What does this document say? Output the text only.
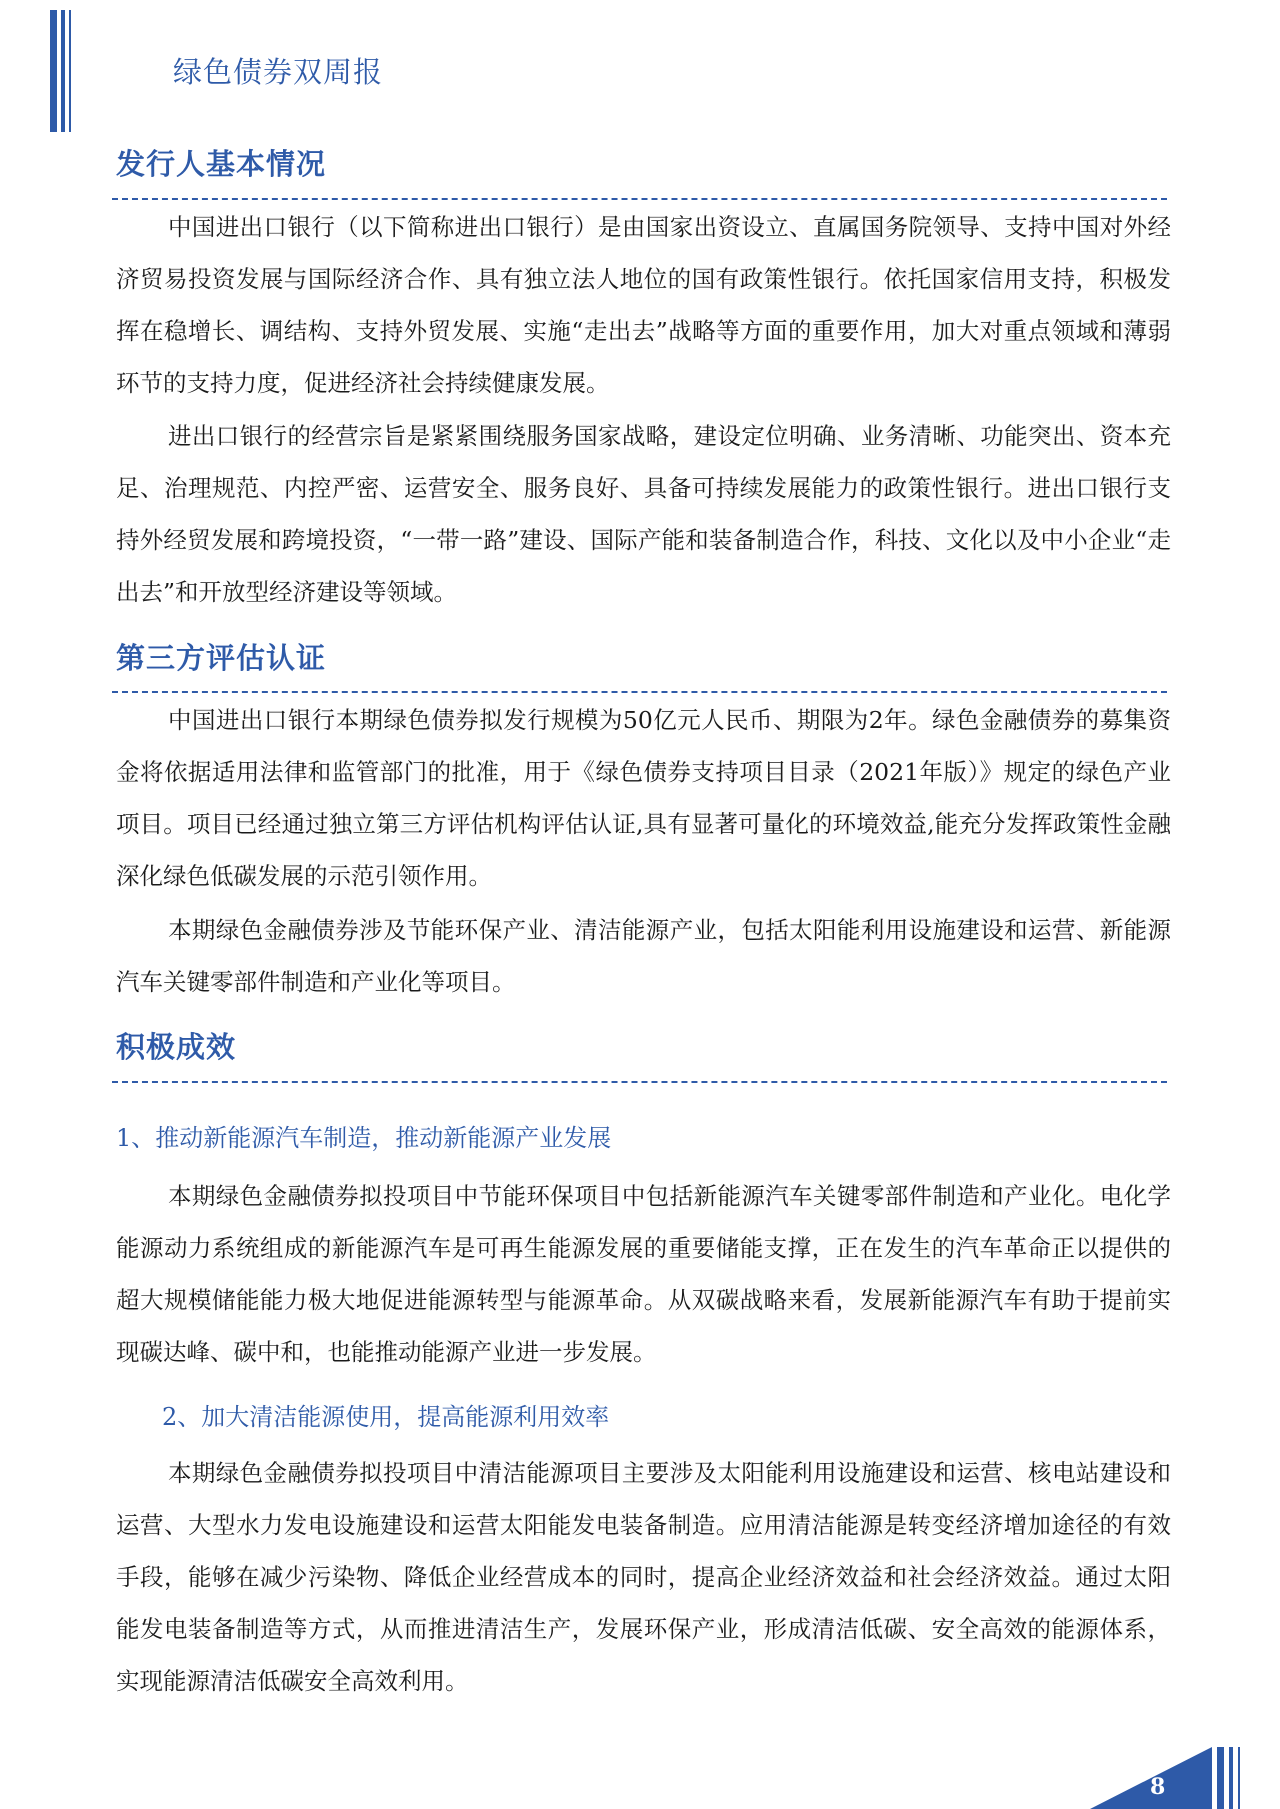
绿色债券双周报
发行人基本情况

中国进出口银行（以下简称进出口银行）是由国家出资设立、直属国务院领导、支持中国对外经济贸易投资发展与国际经济合作、具有独立法人地位的国有政策性银行。依托国家信用支持，积极发挥在稳增长、调结构、支持外贸发展、实施“走出去”战略等方面的重要作用，加大对重点领域和薄弱环节的支持力度，促进经济社会持续健康发展。

进出口银行的经营宗旨是紧紧围绕服务国家战略，建设定位明确、业务清晰、功能突出、资本充足、治理规范、内控严密、运营安全、服务良好、具备可持续发展能力的政策性银行。进出口银行支持外经贸发展和跨境投资，“一带一路”建设、国际产能和装备制造合作，科技、文化以及中小企业“走出去”和开放型经济建设等领域。

第三方评估认证

中国进出口银行本期绿色债券拟发行规模为50亿元人民币、期限为2年。绿色金融债券的募集资金将依据适用法律和监管部门的批准，用于《绿色债券支持项目目录（2021年版）》规定的绿色产业项目。项目已经通过独立第三方评估机构评估认证,具有显著可量化的环境效益,能充分发挥政策性金融深化绿色低碳发展的示范引领作用。

本期绿色金融债券涉及节能环保产业、清洁能源产业，包括太阳能利用设施建设和运营、新能源汽车关键零部件制造和产业化等项目。

积极成效
1、推动新能源汽车制造，推动新能源产业发展

本期绿色金融债券拟投项目中节能环保项目中包括新能源汽车关键零部件制造和产业化。电化学能源动力系统组成的新能源汽车是可再生能源发展的重要储能支撑，正在发生的汽车革命正以提供的超大规模储能能力极大地促进能源转型与能源革命。从双碳战略来看，发展新能源汽车有助于提前实现碳达峰、碳中和，也能推动能源产业进一步发展。

2、加大清洁能源使用，提高能源利用效率

本期绿色金融债券拟投项目中清洁能源项目主要涉及太阳能利用设施建设和运营、核电站建设和运营、大型水力发电设施建设和运营太阳能发电装备制造。应用清洁能源是转变经济增加途径的有效手段，能够在减少污染物、降低企业经营成本的同时，提高企业经济效益和社会经济效益。通过太阳能发电装备制造等方式，从而推进清洁生产，发展环保产业，形成清洁低碳、安全高效的能源体系，实现能源清洁低碳安全高效利用。

8
